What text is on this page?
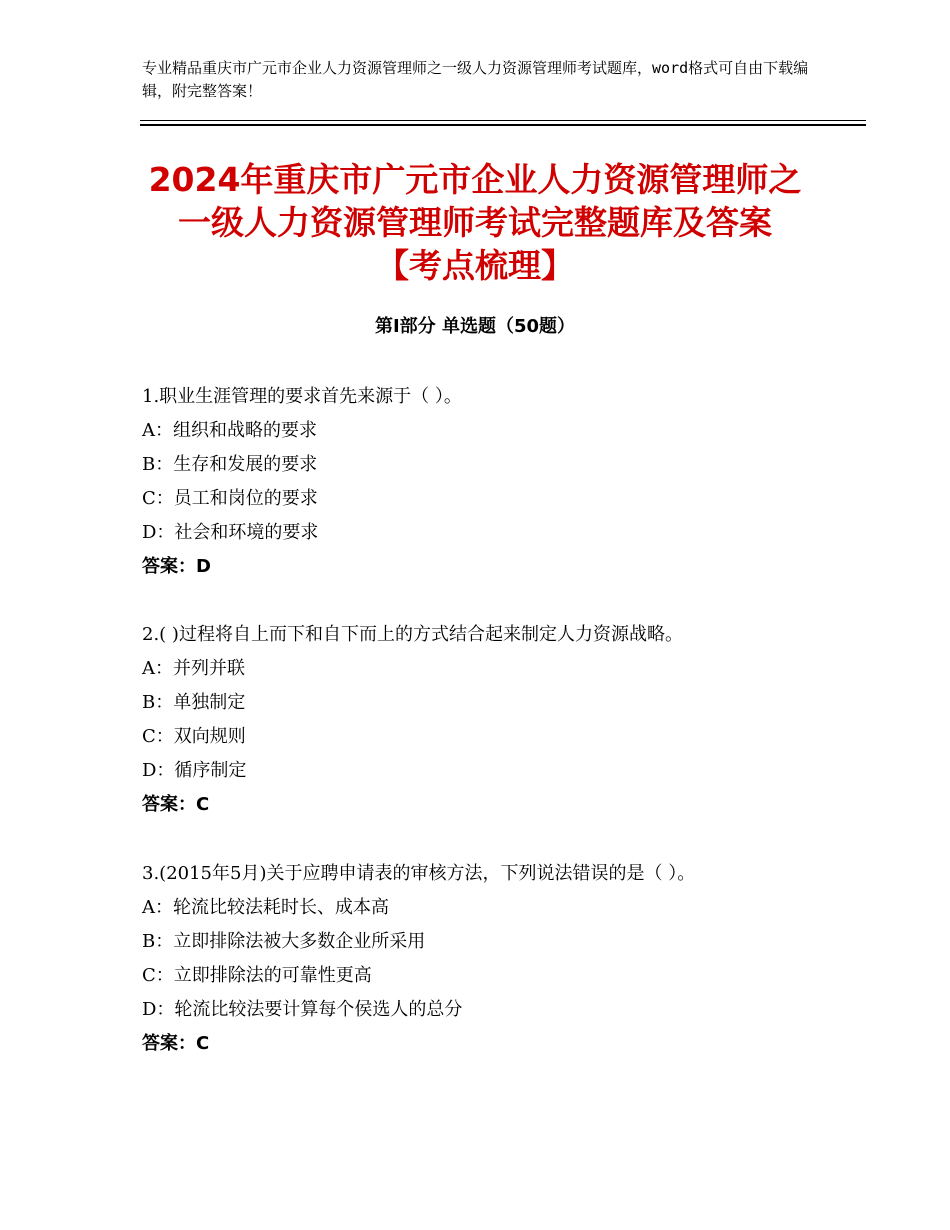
专业精品重庆市广元市企业人力资源管理师之一级人力资源管理师考试题库，word格式可自由下载编辑，附完整答案！
2024年重庆市广元市企业人力资源管理师之
一级人力资源管理师考试完整题库及答案
【考点梳理】
第Ⅰ部分 单选题（50题）
1.职业生涯管理的要求首先来源于（ ）。
A：组织和战略的要求
B：生存和发展的要求
C：员工和岗位的要求
D：社会和环境的要求
答案：D
2.( )过程将自上而下和自下而上的方式结合起来制定人力资源战略。
A：并列并联
B：单独制定
C：双向规则
D：循序制定
答案：C
3.(2015年5月)关于应聘申请表的审核方法，下列说法错误的是（ ）。
A：轮流比较法耗时长、成本高
B：立即排除法被大多数企业所采用
C：立即排除法的可靠性更高
D：轮流比较法要计算每个侯选人的总分
答案：C
